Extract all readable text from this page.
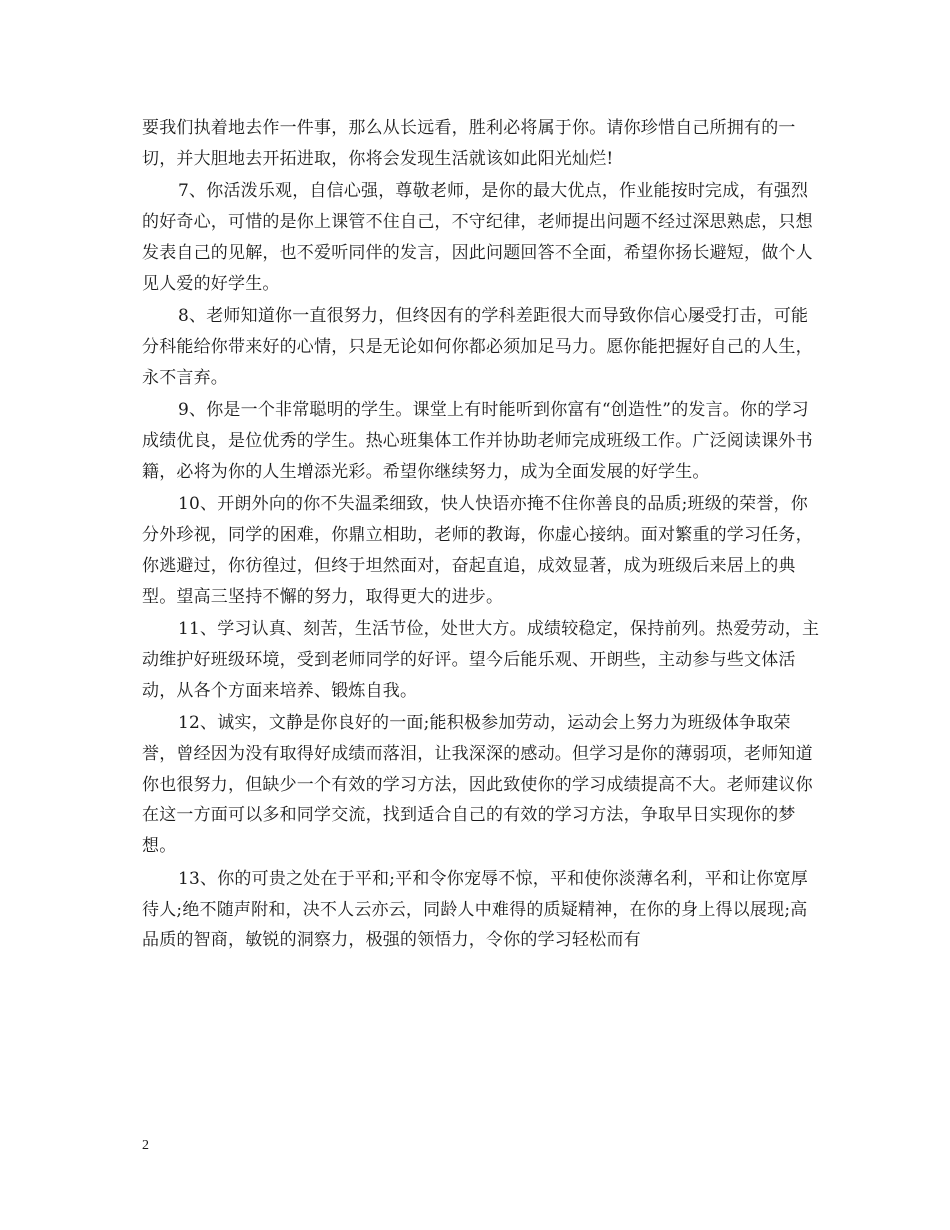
要我们执着地去作一件事，那么从长远看，胜利必将属于你。请你珍惜自己所拥有的一切，并大胆地去开拓进取，你将会发现生活就该如此阳光灿烂!

7、你活泼乐观，自信心强，尊敬老师，是你的最大优点，作业能按时完成，有强烈的好奇心，可惜的是你上课管不住自己，不守纪律，老师提出问题不经过深思熟虑，只想发表自己的见解，也不爱听同伴的发言，因此问题回答不全面，希望你扬长避短，做个人见人爱的好学生。

8、老师知道你一直很努力，但终因有的学科差距很大而导致你信心屡受打击，可能分科能给你带来好的心情，只是无论如何你都必须加足马力。愿你能把握好自己的人生，永不言弃。

9、你是一个非常聪明的学生。课堂上有时能听到你富有“创造性”的发言。你的学习成绩优良，是位优秀的学生。热心班集体工作并协助老师完成班级工作。广泛阅读课外书籍，必将为你的人生增添光彩。希望你继续努力，成为全面发展的好学生。

10、开朗外向的你不失温柔细致，快人快语亦掩不住你善良的品质;班级的荣誉，你分外珍视，同学的困难，你鼎立相助，老师的教诲，你虚心接纳。面对繁重的学习任务，你逃避过，你彷徨过，但终于坦然面对，奋起直追，成效显著，成为班级后来居上的典型。望高三坚持不懈的努力，取得更大的进步。

11、学习认真、刻苦，生活节俭，处世大方。成绩较稳定，保持前列。热爱劳动，主动维护好班级环境，受到老师同学的好评。望今后能乐观、开朗些，主动参与些文体活动，从各个方面来培养、锻炼自我。

12、诚实，文静是你良好的一面;能积极参加劳动，运动会上努力为班级体争取荣誉，曾经因为没有取得好成绩而落泪，让我深深的感动。但学习是你的薄弱项，老师知道你也很努力，但缺少一个有效的学习方法，因此致使你的学习成绩提高不大。老师建议你在这一方面可以多和同学交流，找到适合自己的有效的学习方法，争取早日实现你的梦想。

13、你的可贵之处在于平和;平和令你宠辱不惊，平和使你淡薄名利，平和让你宽厚待人;绝不随声附和，决不人云亦云，同龄人中难得的质疑精神，在你的身上得以展现;高品质的智商，敏锐的洞察力，极强的领悟力，令你的学习轻松而有

2
